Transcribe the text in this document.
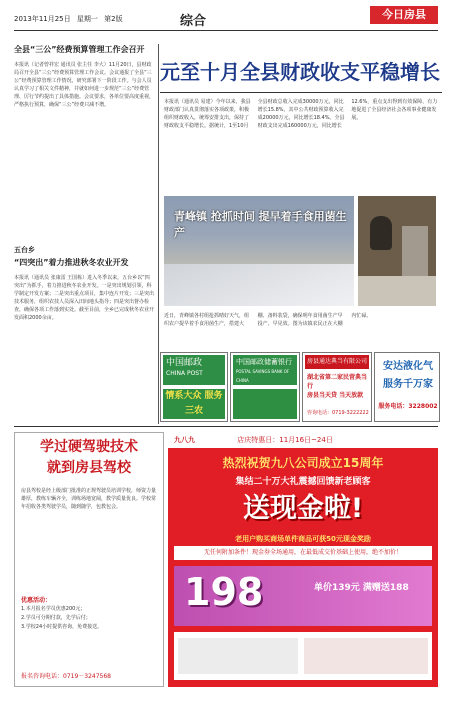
2013年11月25日 星期一 第2版	综合	今日房县
全县“三公”经费预算管理工作会召开
本报讯（记者曾祥宏 通讯员 张主任 李大）11月20日，县财政局召开全县“三公”经费预算管理工作会议。会议通报了全县“三公”经费预算管理工作情况，研究部署下一阶段工作。与会人员认真学习了相关文件精神，并就如何进一步规范“三公”经费管理、厉行节约提出了具体措施。会议要求，各单位要高度重视，严格执行预算，确保“三公”经费只减不增。
五台乡
“四突出”着力推进秋冬农业开发
本报讯（通讯员 张康雷 王国栋）进入冬季以来，五台乡以“四突出”为抓手，着力推进秋冬农业开发。一是突出规划引领，科学制定开发方案；二是突出重点项目，集中连片开发；三是突出技术服务，组织农技人员深入田间地头指导；四是突出督办检查，确保各项工作落到实处。截至目前，全乡已完成秋冬农业开发面积2000余亩。
元至十月全县财政收支平稳增长
本报讯（通讯员 易建）今年以来，我县财政部门认真贯彻落实各项政策，积极组织财政收入，统筹安排支出，保持了财政收支平稳增长。据统计，1至10月全县财政总收入完成30000万元，同比增长15.8%，其中公共财政预算收入完成20000万元，同比增长18.4%。全县财政支出完成160000万元，同比增长12.6%，重点支出得到有效保障，有力地促进了全县经济社会各项事业健康发展。
青峰镇 抢抓时间 提早着手食用菌生产
近日，青峰镇各村组抢抓晴好天气，组织农户提早着手食用菌生产，搭建大棚、备料装袋，确保明年食用菌生产早投产、早见效。图为该镇农民正在大棚内忙碌。
中国邮政
CHINA POST
情系大众 服务三农
中国邮政储蓄银行
POSTAL SAVINGS BANK OF CHINA
房县通达典当有限公司
湖北省第二家民营典当行
房县当天贷 当天放款
咨询电话：0719-3222222
安达液化气
服务千万家
服务电话：3228002
学过硬驾驶技术
就到房县驾校
房县驾校是经上级部门批准的正规驾驶员培训学校，师资力量雄厚，教练车辆齐全，训练场地宽阔，教学质量优良。学校常年招收各类驾驶学员，随到随学，包教包会。
优惠活动：
1.本月报名学员优惠200元；
2.学员可分期付款，先学后付；
3.学校24小时提供咨询，免费接送。
报名咨询电话：0719－3247568
九八九	店庆特惠日：11月16日~24日
热烈祝贺九八公司成立15周年
集结二十万大礼震撼回馈新老顾客
送现金啦!
老用户购买商场单件商品可获50元现金奖励
无任何附加条件！现金券全场通用，在最低成交价基础上使用，绝不加价！
198	单价139元 满赠送188
